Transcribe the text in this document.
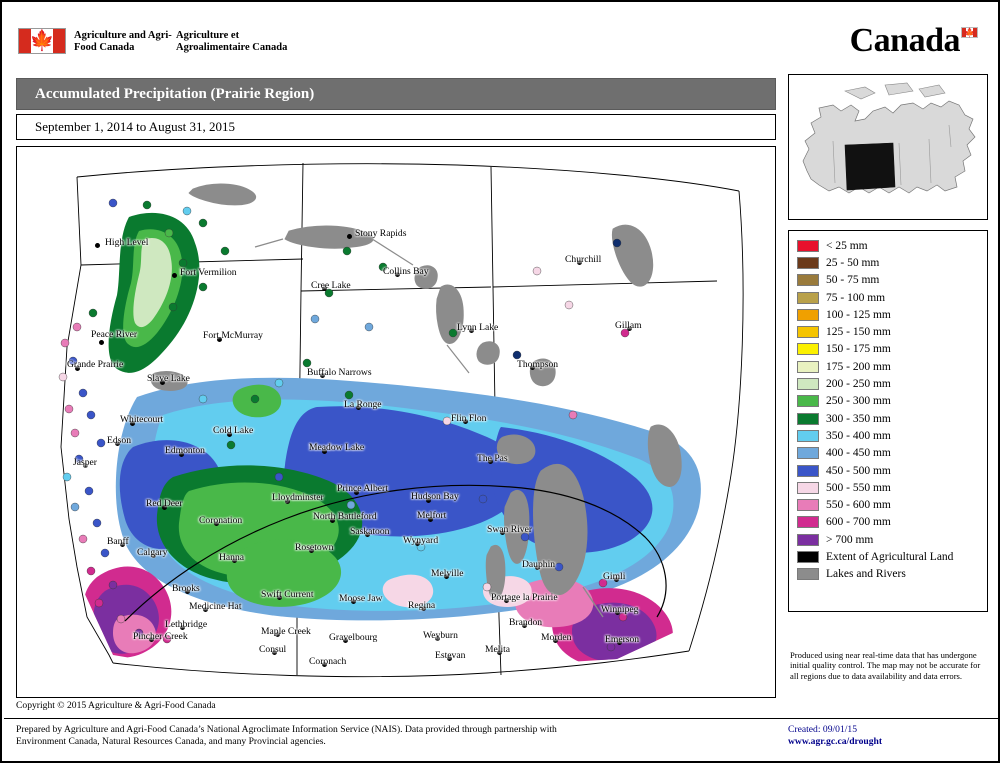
🍁 Agriculture and Agri-Food Canada
Agriculture et Agroalimentaire Canada	Canada 🍁
Accumulated Precipitation (Prairie Region)
September 1, 2014 to August 31, 2015
< 25 mm
25 - 50 mm
50 - 75 mm
75 - 100 mm
100 - 125 mm
125 - 150 mm
150 - 175 mm
175 - 200 mm
200 - 250 mm
250 - 300 mm
300 - 350 mm
350 - 400 mm
400 - 450 mm
450 - 500 mm
500 - 550 mm
550 - 600 mm
600 - 700 mm
> 700 mm
Extent of Agricultural Land
Lakes and Rivers
Produced using near real-time data that has undergone initial quality control. The map may not be accurate for all regions due to data availability and data errors.
High Level
Fort Vermilion
Peace River
Grande Prairie
Slave Lake
Fort McMurray
Whitecourt
Edson
Jasper
Edmonton
Cold Lake
Meadow Lake
Red Deer
Lloydminster
Prince Albert
North Battleford	Melfort
Hudson Bay
Coronation
Saskatoon
Wynyard
Rosetown
Calgary	Hanna
Banff
Swan River
Melville
Dauphin
Brooks
Swift Current	Moose Jaw
Regina
Medicine Hat
Portage la Prairie
Winnipeg
Gimli
Brandon
Morden
Lethbridge
Maple Creek
Gravelbourg	Weyburn
Melita
Emerson
Pincher Creek
Consul
Coronach
Estevan
Stony Rapids
Collins Bay
Cree Lake
Buffalo Narrows
La Ronge
Lynn Lake
Thompson
Flin Flon
The Pas
Gillam
Churchill
Copyright © 2015 Agriculture & Agri-Food Canada
Prepared by Agriculture and Agri-Food Canada’s National Agroclimate Information Service (NAIS). Data provided through partnership with
Environment Canada, Natural Resources Canada, and many Provincial agencies.
Created: 09/01/15
www.agr.gc.ca/drought
